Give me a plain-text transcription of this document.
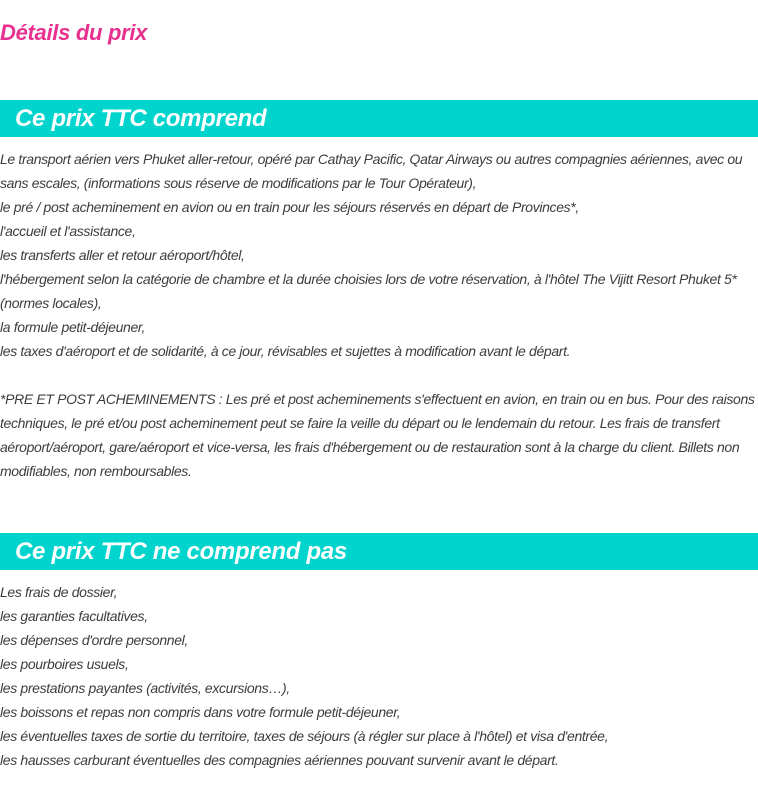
Détails du prix
Ce prix TTC comprend
Le transport aérien vers Phuket aller-retour, opéré par Cathay Pacific, Qatar Airways ou autres compagnies aériennes, avec ou sans escales, (informations sous réserve de modifications par le Tour Opérateur),
le pré / post acheminement en avion ou en train pour les séjours réservés en départ de Provinces*,
l'accueil et l'assistance,
les transferts aller et retour aéroport/hôtel,
l'hébergement selon la catégorie de chambre et la durée choisies lors de votre réservation, à l'hôtel The Vijitt Resort Phuket 5* (normes locales),
la formule petit-déjeuner,
les taxes d'aéroport et de solidarité, à ce jour, révisables et sujettes à modification avant le départ.

*PRE ET POST ACHEMINEMENTS : Les pré et post acheminements s'effectuent en avion, en train ou en bus. Pour des raisons techniques, le pré et/ou post acheminement peut se faire la veille du départ ou le lendemain du retour. Les frais de transfert aéroport/aéroport, gare/aéroport et vice-versa, les frais d'hébergement ou de restauration sont à la charge du client. Billets non modifiables, non remboursables.

Ce prix TTC ne comprend pas
Les frais de dossier,
les garanties facultatives,
les dépenses d'ordre personnel,
les pourboires usuels,
les prestations payantes (activités, excursions…),
les boissons et repas non compris dans votre formule petit-déjeuner,
les éventuelles taxes de sortie du territoire, taxes de séjours (à régler sur place à l'hôtel) et visa d'entrée,
les hausses carburant éventuelles des compagnies aériennes pouvant survenir avant le départ.
